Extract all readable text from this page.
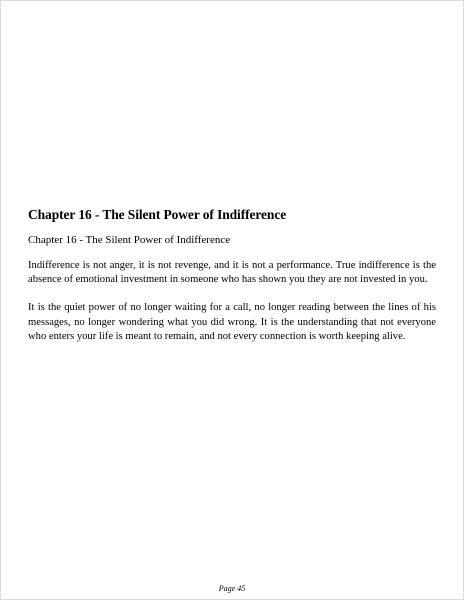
Chapter 16 - The Silent Power of Indifference

Chapter 16 - The Silent Power of Indifference

Indifference is not anger, it is not revenge, and it is not a performance. True indifference is the absence of emotional investment in someone who has shown you they are not invested in you.

It is the quiet power of no longer waiting for a call, no longer reading between the lines of his messages, no longer wondering what you did wrong. It is the understanding that not everyone who enters your life is meant to remain, and not every connection is worth keeping alive.

Page 45
